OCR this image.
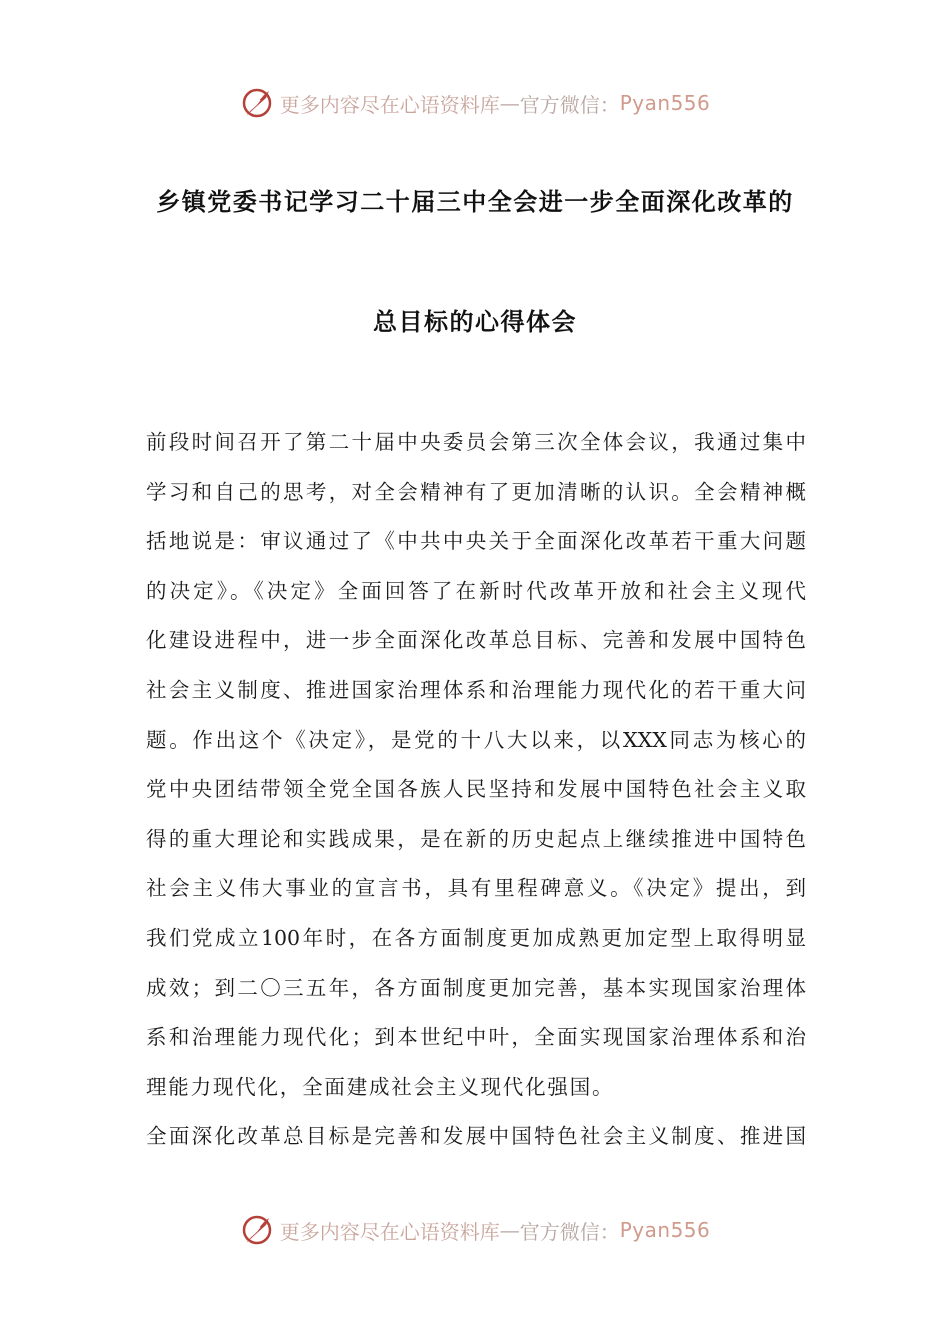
更多内容尽在心语资料库 — 官方微信： Pyan556
乡镇党委书记学习二十届三中全会进一步全面深化改革的
总目标的心得体会
前段时间召开了第二十届中央委员会第三次全体会议，我通过集中
学习和自己的思考，对全会精神有了更加清晰的认识。全会精神概
括地说是：审议通过了《中共中央关于全面深化改革若干重大问题
的决定》。《决定》全面回答了在新时代改革开放和社会主义现代
化建设进程中，进一步全面深化改革总目标、完善和发展中国特色
社会主义制度、推进国家治理体系和治理能力现代化的若干重大问
题。作出这个《决定》，是党的十八大以来，以XXX同志为核心的
党中央团结带领全党全国各族人民坚持和发展中国特色社会主义取
得的重大理论和实践成果，是在新的历史起点上继续推进中国特色
社会主义伟大事业的宣言书，具有里程碑意义。《决定》提出，到
我们党成立100年时，在各方面制度更加成熟更加定型上取得明显
成效；到二〇三五年，各方面制度更加完善，基本实现国家治理体
系和治理能力现代化；到本世纪中叶，全面实现国家治理体系和治
理能力现代化，全面建成社会主义现代化强国。
全面深化改革总目标是完善和发展中国特色社会主义制度、推进国
更多内容尽在心语资料库 — 官方微信： Pyan556
